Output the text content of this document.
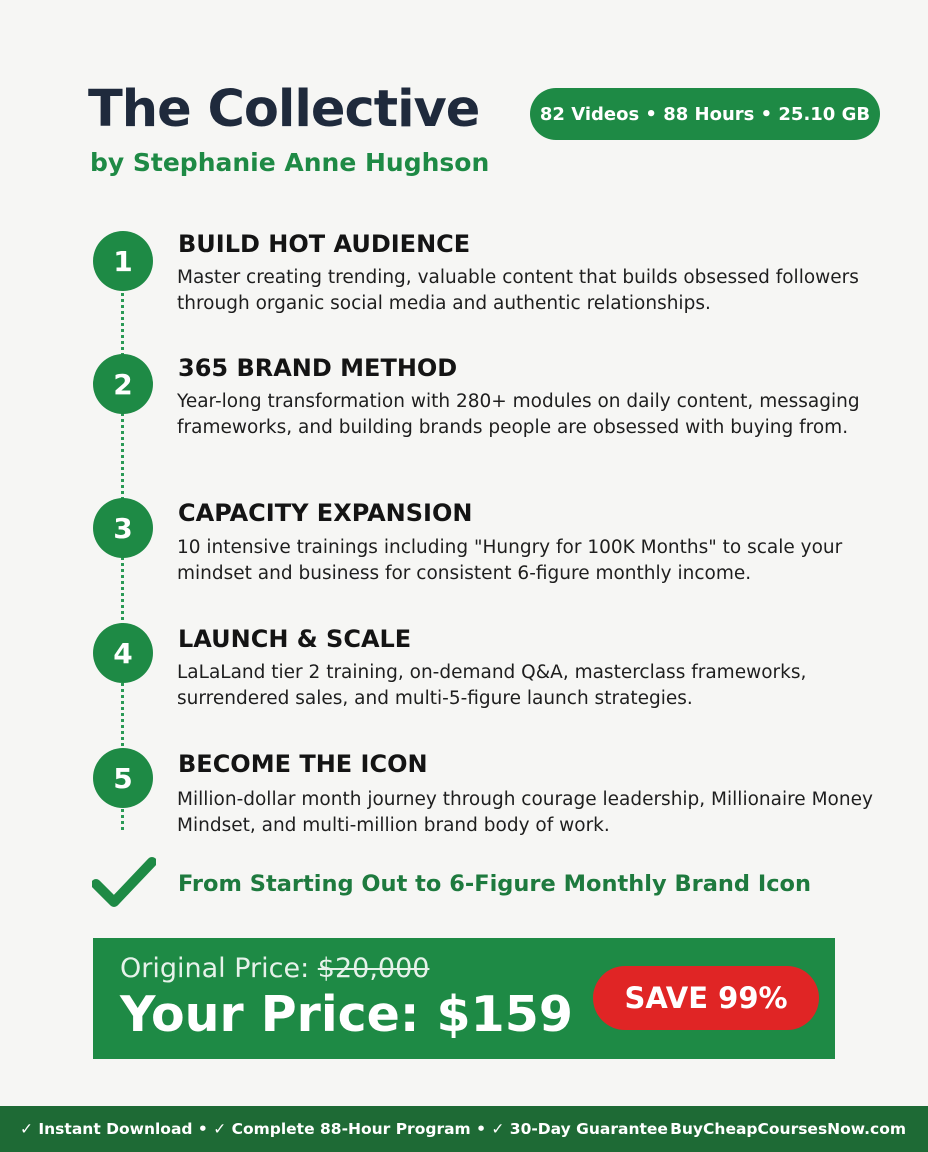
The Collective
by Stephanie Anne Hughson
82 Videos • 88 Hours • 25.10 GB
1
BUILD HOT AUDIENCE
Master creating trending, valuable content that builds obsessed followers through organic social media and authentic relationships.
2	365 BRAND METHOD
Year-long transformation with 280+ modules on daily content, messaging frameworks, and building brands people are obsessed with buying from.
3	CAPACITY EXPANSION
10 intensive trainings including "Hungry for 100K Months" to scale your mindset and business for consistent 6-figure monthly income.
4	LAUNCH & SCALE
LaLaLand tier 2 training, on-demand Q&A, masterclass frameworks, surrendered sales, and multi-5-figure launch strategies.
5	BECOME THE ICON
Million-dollar month journey through courage leadership, Millionaire Money Mindset, and multi-million brand body of work.
From Starting Out to 6-Figure Monthly Brand Icon
Original Price: $20,000
Your Price: $159	SAVE 99%
✓ Instant Download • ✓ Complete 88-Hour Program • ✓ 30-Day Guarantee BuyCheapCoursesNow.com
